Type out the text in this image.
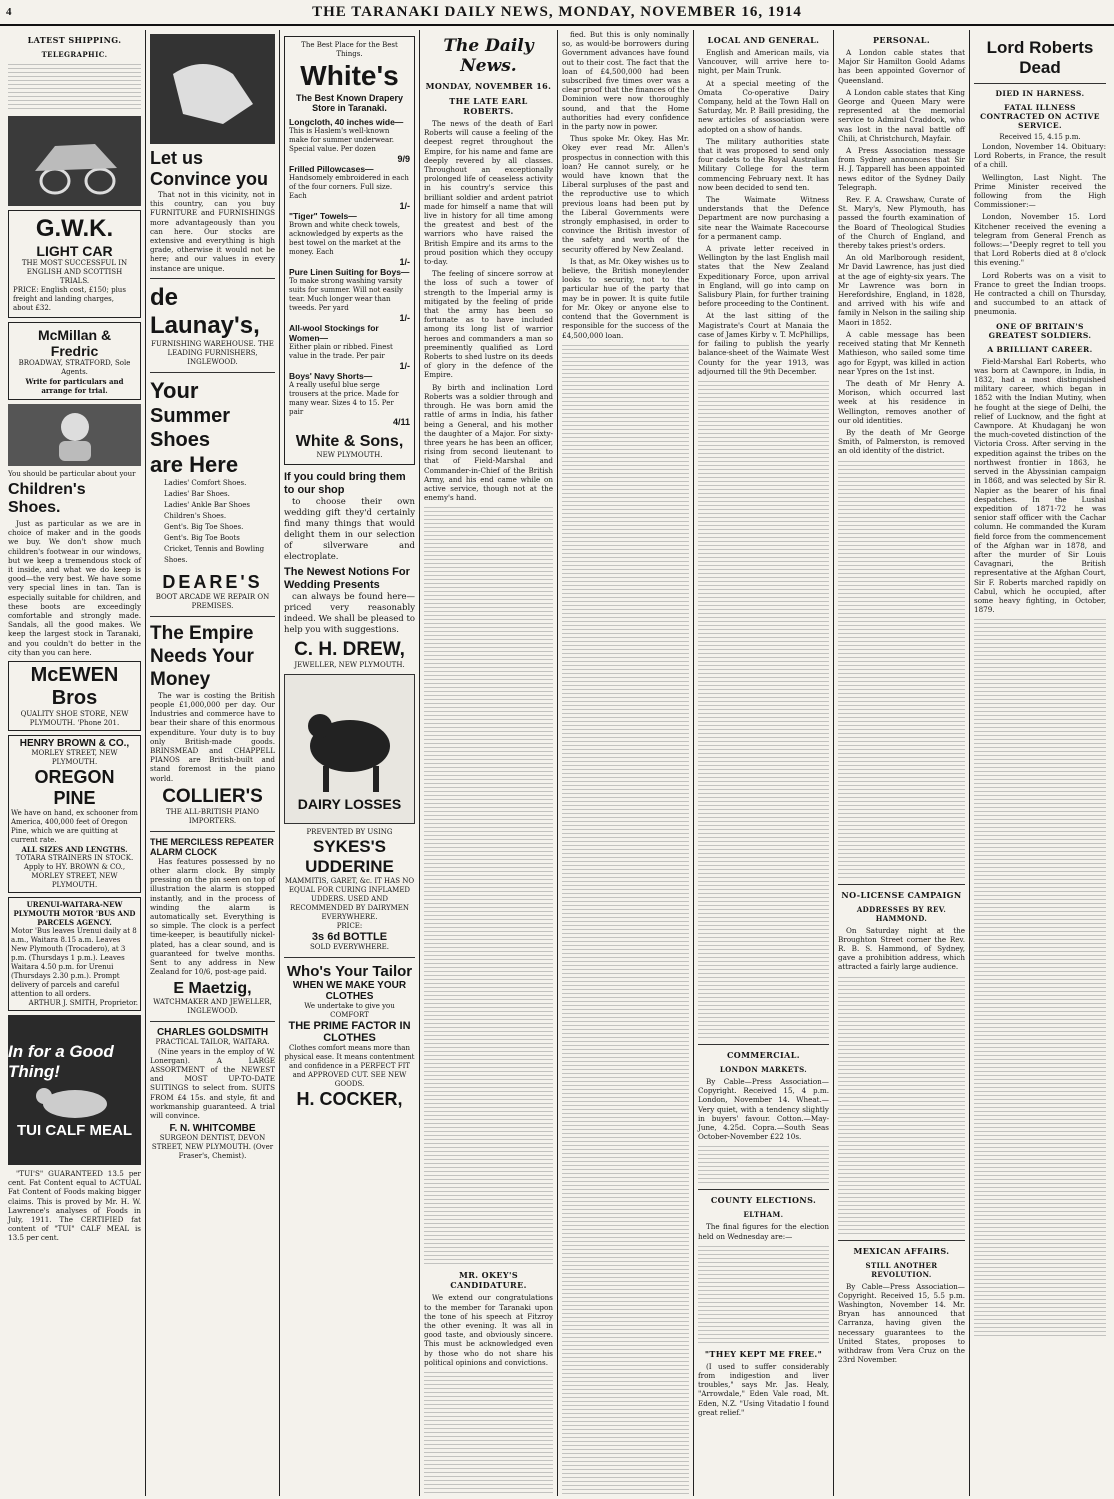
4	THE TARANAKI DAILY NEWS, MONDAY, NOVEMBER 16, 1914
LATEST SHIPPING.
TELEGRAPHIC.
G.W.K.
LIGHT CAR
THE MOST SUCCESSFUL IN ENGLISH AND SCOTTISH TRIALS.
PRICE: English cost, £150; plus freight and landing charges, about £32.
McMillan & Fredric
BROADWAY, STRATFORD, Sole Agents.
Write for particulars and arrange for trial.
You should be particular about your
Children's Shoes.

Just as particular as we are in choice of maker and in the goods we buy. We don't show much children's footwear in our windows, but we keep a tremendous stock of it inside, and what we do keep is good—the very best. We have some very special lines in tan. Tan is especially suitable for children, and these boots are exceedingly comfortable and strongly made. Sandals, all the good makes. We keep the largest stock in Taranaki, and you couldn't do better in the city than you can here.

McEWEN Bros
QUALITY SHOE STORE, NEW PLYMOUTH. 'Phone 201.
HENRY BROWN & CO.,
MORLEY STREET, NEW PLYMOUTH.
OREGON PINE
We have on hand, ex schooner from America, 400,000 feet of Oregon Pine, which we are quitting at current rate.
ALL SIZES AND LENGTHS.
TOTARA STRAINERS IN STOCK.
Apply to HY. BROWN & CO., MORLEY STREET, NEW PLYMOUTH.
URENUI-WAITARA-NEW PLYMOUTH MOTOR 'BUS AND PARCELS AGENCY.
Motor 'Bus leaves Urenui daily at 8 a.m., Waitara 8.15 a.m. Leaves New Plymouth (Trocadero), at 3 p.m. (Thursdays 1 p.m.). Leaves Waitara 4.50 p.m. for Urenui (Thursdays 2.30 p.m.). Prompt delivery of parcels and careful attention to all orders.
ARTHUR J. SMITH, Proprietor.
In for a Good Thing!
TUI CALF MEAL

"TUI'S" GUARANTEED 13.5 per cent. Fat Content equal to ACTUAL Fat Content of Foods making bigger claims. This is proved by Mr. H. W. Lawrence's analyses of Foods in July, 1911. The CERTIFIED fat content of "TUI" CALF MEAL is 13.5 per cent.

Let us Convince you

That not in this vicinity, not in this country, can you buy FURNITURE and FURNISHINGS more advantageously than you can here. Our stocks are extensive and everything is high grade, otherwise it would not be here; and our values in every instance are unique.

de Launay's,
FURNISHING WAREHOUSE. THE LEADING FURNISHERS, INGLEWOOD.
Your
Summer Shoes
are Here
Ladies' Comfort Shoes.
Ladies' Bar Shoes.
Ladies' Ankle Bar Shoes
Children's Shoes.
Gent's. Big Toe Shoes.
Gent's. Big Toe Boots
Cricket, Tennis and Bowling Shoes.
DEARE'S
BOOT ARCADE WE REPAIR ON PREMISES.
The Empire Needs Your Money

The war is costing the British people £1,000,000 per day. Our Industries and commerce have to bear their share of this enormous expenditure. Your duty is to buy only British-made goods. BRINSMEAD and CHAPPELL PIANOS are British-built and stand foremost in the piano world.

COLLIER'S
THE ALL-BRITISH PIANO IMPORTERS.
THE MERCILESS REPEATER ALARM CLOCK

Has features possessed by no other alarm clock. By simply pressing on the pin seen on top of illustration the alarm is stopped instantly, and in the process of winding the alarm is automatically set. Everything is so simple. The clock is a perfect time-keeper, is beautifully nickel-plated, has a clear sound, and is guaranteed for twelve months. Sent to any address in New Zealand for 10/6, post-age paid.

E Maetzig,
WATCHMAKER AND JEWELLER, INGLEWOOD.
CHARLES GOLDSMITH
PRACTICAL TAILOR, WAITARA.

(Nine years in the employ of W. Lonergan). A LARGE ASSORTMENT of the NEWEST and MOST UP-TO-DATE SUITINGS to select from. SUITS FROM £4 15s. and style, fit and workmanship guaranteed. A trial will convince.

F. N. WHITCOMBE
SURGEON DENTIST, DEVON STREET, NEW PLYMOUTH. (Over Fraser's, Chemist).
The Best Place for the Best Things.
White's
The Best Known Drapery Store in Taranaki.
Longcloth, 40 inches wide—
This is Haslem's well-known make for summer underwear. Special value. Per dozen
9/9
Frilled Pillowcases—
Handsomely embroidered in each of the four corners. Full size. Each
1/-
"Tiger" Towels—
Brown and white check towels, acknowledged by experts as the best towel on the market at the money. Each
1/-
Pure Linen Suiting for Boys—
To make strong washing varsity suits for summer. Will not easily tear. Much longer wear than tweeds. Per yard
1/-
All-wool Stockings for Women—
Either plain or ribbed. Finest value in the trade. Per pair
1/-
Boys' Navy Shorts—
A really useful blue serge trousers at the price. Made for many wear. Sizes 4 to 15. Per pair
4/11
White & Sons,
NEW PLYMOUTH.
If you could bring them to our shop

to choose their own wedding gift they'd certainly find many things that would delight them in our selection of silverware and electroplate.

The Newest Notions For Wedding Presents

can always be found here—priced very reasonably indeed. We shall be pleased to help you with suggestions.

C. H. DREW,
JEWELLER, NEW PLYMOUTH.
DAIRY LOSSES
PREVENTED BY USING
SYKES'S UDDERINE
MAMMITIS, GARET, &c. IT HAS NO EQUAL FOR CURING INFLAMED UDDERS. USED AND RECOMMENDED BY DAIRYMEN EVERYWHERE.
PRICE:
3s 6d BOTTLE
SOLD EVERYWHERE.
Who's Your Tailor
WHEN WE MAKE YOUR CLOTHES
We undertake to give you COMFORT
THE PRIME FACTOR IN CLOTHES
Clothes comfort means more than physical ease. It means contentment and confidence in a PERFECT FIT and APPROVED CUT. SEE NEW GOODS.
H. COCKER,
The Daily News.
MONDAY, NOVEMBER 16.
THE LATE EARL ROBERTS.

The news of the death of Earl Roberts will cause a feeling of the deepest regret throughout the Empire, for his name and fame are deeply revered by all classes. Throughout an exceptionally prolonged life of ceaseless activity in his country's service this brilliant soldier and ardent patriot made for himself a name that will live in history for all time among the greatest and best of the warriors who have raised the British Empire and its arms to the proud position which they occupy to-day.

The feeling of sincere sorrow at the loss of such a tower of strength to the Imperial army is mitigated by the feeling of pride that the army has been so fortunate as to have included among its long list of warrior heroes and commanders a man so preeminently qualified as Lord Roberts to shed lustre on its deeds of glory in the defence of the Empire.

By birth and inclination Lord Roberts was a soldier through and through. He was born amid the rattle of arms in India, his father being a General, and his mother the daughter of a Major. For sixty-three years he has been an officer, rising from second lieutenant to that of Field-Marshal and Commander-in-Chief of the British Army, and his end came while on active service, though not at the enemy's hand.

MR. OKEY'S CANDIDATURE.

We extend our congratulations to the member for Taranaki upon the tone of his speech at Fitzroy the other evening. It was all in good taste, and obviously sincere. This must be acknowledged even by those who do not share his political opinions and convictions.

fied. But this is only nominally so, as would-be borrowers during Government advances have found out to their cost. The fact that the loan of £4,500,000 had been subscribed five times over was a clear proof that the finances of the Dominion were now thoroughly sound, and that the Home authorities had every confidence in the party now in power.

Thus spoke Mr. Okey. Has Mr. Okey ever read Mr. Allen's prospectus in connection with this loan? He cannot surely, or he would have known that the Liberal surpluses of the past and the reproductive use to which previous loans had been put by the Liberal Governments were strongly emphasised, in order to convince the British investor of the safety and worth of the security offered by New Zealand.

Is that, as Mr. Okey wishes us to believe, the British moneylender looks to security, not to the particular hue of the party that may be in power. It is quite futile for Mr. Okey or anyone else to contend that the Government is responsible for the success of the £4,500,000 loan.

LOCAL AND GENERAL.

English and American mails, via Vancouver, will arrive here to-night, per Main Trunk.

At a special meeting of the Omata Co-operative Dairy Company, held at the Town Hall on Saturday, Mr. P. Baill presiding, the new articles of association were adopted on a show of hands.

The military authorities state that it was proposed to send only four cadets to the Royal Australian Military College for the term commencing February next. It has now been decided to send ten.

The Waimate Witness understands that the Defence Department are now purchasing a site near the Waimate Racecourse for a permanent camp.

A private letter received in Wellington by the last English mail states that the New Zealand Expeditionary Force, upon arrival in England, will go into camp on Salisbury Plain, for further training before proceeding to the Continent.

At the last sitting of the Magistrate's Court at Manaia the case of James Kirby v. T. McPhillips, for failing to publish the yearly balance-sheet of the Waimate West County for the year 1913, was adjourned till the 9th December.

COMMERCIAL.
LONDON MARKETS.

By Cable—Press Association—Copyright. Received 15, 4 p.m. London, November 14. Wheat.—Very quiet, with a tendency slightly in buyers' favour. Cotton.—May-June, 4.25d. Copra.—South Seas October-November £22 10s.

COUNTY ELECTIONS.
ELTHAM.

The final figures for the election held on Wednesday are:—

"THEY KEPT ME FREE."

(I used to suffer considerably from indigestion and liver troubles," says Mr. Jas. Healy, "Arrowdale," Eden Vale road, Mt. Eden, N.Z. "Using Vitadatio I found great relief."

PERSONAL.

A London cable states that Major Sir Hamilton Goold Adams has been appointed Governor of Queensland.

A London cable states that King George and Queen Mary were represented at the memorial service to Admiral Craddock, who was lost in the naval battle off Chili, at Christchurch, Mayfair.

A Press Association message from Sydney announces that Sir H. J. Tapparell has been appointed news editor of the Sydney Daily Telegraph.

Rev. F. A. Crawshaw, Curate of St. Mary's, New Plymouth, has passed the fourth examination of the Board of Theological Studies of the Church of England, and thereby takes priest's orders.

An old Marlborough resident, Mr David Lawrence, has just died at the age of eighty-six years. The Mr Lawrence was born in Herefordshire, England, in 1828, and arrived with his wife and family in Nelson in the sailing ship Maori in 1852.

A cable message has been received stating that Mr Kenneth Mathieson, who sailed some time ago for Egypt, was killed in action near Ypres on the 1st inst.

The death of Mr Henry A. Morison, which occurred last week at his residence in Wellington, removes another of our old identities.

By the death of Mr George Smith, of Palmerston, is removed an old identity of the district.

NO-LICENSE CAMPAIGN
ADDRESSES BY REV. HAMMOND.

On Saturday night at the Broughton Street corner the Rev. R. B. S. Hammond, of Sydney, gave a prohibition address, which attracted a fairly large audience.

MEXICAN AFFAIRS.
STILL ANOTHER REVOLUTION.

By Cable—Press Association—Copyright. Received 15, 5.5 p.m. Washington, November 14. Mr. Bryan has announced that Carranza, having given the necessary guarantees to the United States, proposes to withdraw from Vera Cruz on the 23rd November.

Lord Roberts Dead
DIED IN HARNESS.
FATAL ILLNESS CONTRACTED ON ACTIVE SERVICE.
Received 15, 4.15 p.m.

London, November 14. Obituary: Lord Roberts, in France, the result of a chill.

Wellington, Last Night. The Prime Minister received the following from the High Commissioner:—

London, November 15. Lord Kitchener received the evening a telegram from General French as follows:—"Deeply regret to tell you that Lord Roberts died at 8 o'clock this evening."

Lord Roberts was on a visit to France to greet the Indian troops. He contracted a chill on Thursday, and succumbed to an attack of pneumonia.

ONE OF BRITAIN'S GREATEST SOLDIERS.
A BRILLIANT CAREER.

Field-Marshal Earl Roberts, who was born at Cawnpore, in India, in 1832, had a most distinguished military career, which began in 1852 with the Indian Mutiny, when he fought at the siege of Delhi, the relief of Lucknow, and the fight at Cawnpore. At Khudaganj he won the much-coveted distinction of the Victoria Cross. After serving in the expedition against the tribes on the northwest frontier in 1863, he served in the Abyssinian campaign in 1868, and was selected by Sir R. Napier as the bearer of his final despatches. In the Lushai expedition of 1871-72 he was senior staff officer with the Cachar column. He commanded the Kuram field force from the commencement of the Afghan war in 1878, and after the murder of Sir Louis Cavagnari, the British representative at the Afghan Court, Sir F. Roberts marched rapidly on Cabul, which he occupied, after some heavy fighting, in October, 1879.
